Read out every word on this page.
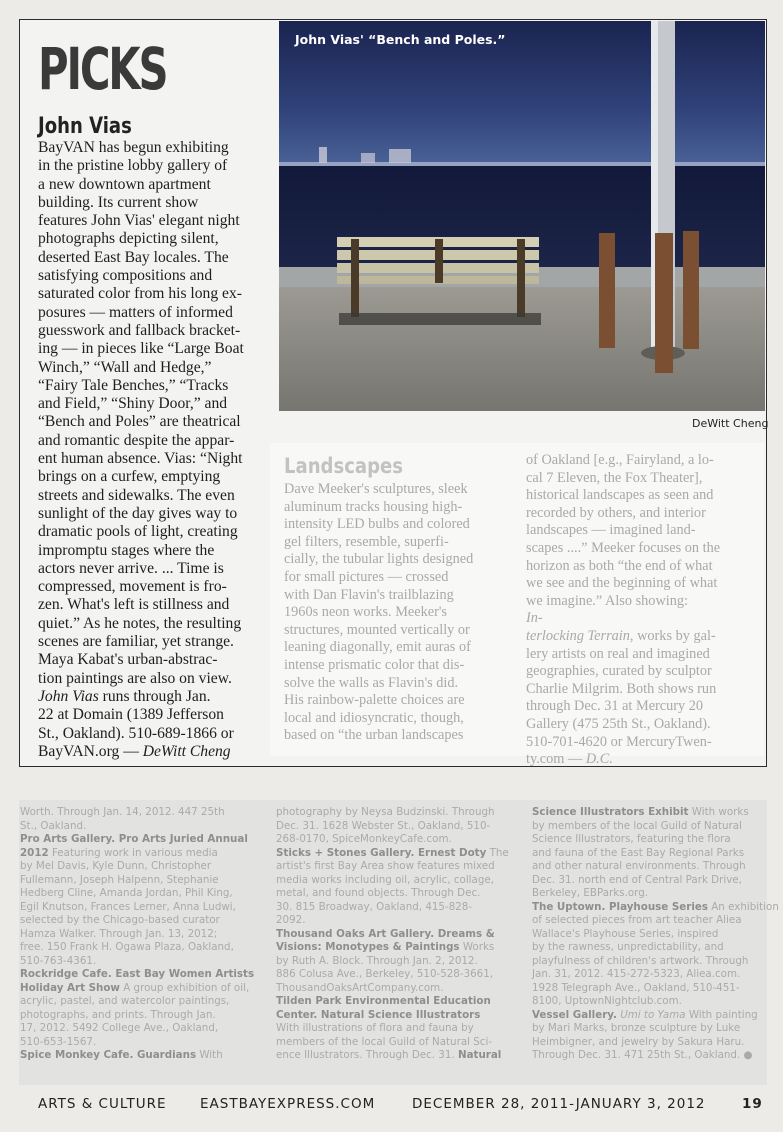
PICKS
John Vias
BayVAN has begun exhibiting
in the pristine lobby gallery of
a new downtown apartment
building. Its current show
features John Vias' elegant night
photographs depicting silent,
deserted East Bay locales. The
satisfying compositions and
saturated color from his long ex-
posures — matters of informed
guesswork and fallback bracket-
ing — in pieces like “Large Boat
Winch,” “Wall and Hedge,”
“Fairy Tale Benches,” “Tracks
and Field,” “Shiny Door,” and
“Bench and Poles” are theatrical
and romantic despite the appar-
ent human absence. Vias: “Night
brings on a curfew, emptying
streets and sidewalks. The even
sunlight of the day gives way to
dramatic pools of light, creating
impromptu stages where the
actors never arrive. ... Time is
compressed, movement is fro-
zen. What's left is stillness and
quiet.” As he notes, the resulting
scenes are familiar, yet strange.
Maya Kabat's urban-abstrac-
tion paintings are also on view.
John Vias runs through Jan.
22 at Domain (1389 Jefferson
St., Oakland). 510-689-1866 or
BayVAN.org — DeWitt Cheng
John Vias' “Bench and Poles.”
DeWitt Cheng
Landscapes
Dave Meeker's sculptures, sleek
aluminum tracks housing high-
intensity LED bulbs and colored
gel filters, resemble, superfi-
cially, the tubular lights designed
for small pictures — crossed
with Dan Flavin's trailblazing
1960s neon works. Meeker's
structures, mounted vertically or
leaning diagonally, emit auras of
intense prismatic color that dis-
solve the walls as Flavin's did.
His rainbow-palette choices are
local and idiosyncratic, though,
based on “the urban landscapes
of Oakland [e.g., Fairyland, a lo-
cal 7 Eleven, the Fox Theater],
historical landscapes as seen and
recorded by others, and interior
landscapes — imagined land-
scapes ....” Meeker focuses on the
horizon as both “the end of what
we see and the beginning of what
we imagine.” Also showing:
In-
terlocking Terrain, works by gal-
lery artists on real and imagined
geographies, curated by sculptor
Charlie Milgrim. Both shows run
through Dec. 31 at Mercury 20
Gallery (475 25th St., Oakland).
510-701-4620 or MercuryTwen-
ty.com — D.C.
Worth. Through Jan. 14, 2012. 447 25th
St., Oakland.
Pro Arts Gallery. Pro Arts Juried Annual
2012 Featuring work in various media
by Mel Davis, Kyle Dunn, Christopher
Fullemann, Joseph Halpenn, Stephanie
Hedberg Cline, Amanda Jordan, Phil King,
Egil Knutson, Frances Lerner, Anna Ludwi,
selected by the Chicago-based curator
Hamza Walker. Through Jan. 13, 2012;
free. 150 Frank H. Ogawa Plaza, Oakland,
510-763-4361.
Rockridge Cafe. East Bay Women Artists
Holiday Art Show A group exhibition of oil,
acrylic, pastel, and watercolor paintings,
photographs, and prints. Through Jan.
17, 2012. 5492 College Ave., Oakland,
510-653-1567.
Spice Monkey Cafe. Guardians With
photography by Neysa Budzinski. Through
Dec. 31. 1628 Webster St., Oakland, 510-
268-0170, SpiceMonkeyCafe.com.
Sticks + Stones Gallery. Ernest Doty The
artist's first Bay Area show features mixed
media works including oil, acrylic, collage,
metal, and found objects. Through Dec.
30. 815 Broadway, Oakland, 415-828-
2092.
Thousand Oaks Art Gallery. Dreams &
Visions: Monotypes & Paintings Works
by Ruth A. Block. Through Jan. 2, 2012.
886 Colusa Ave., Berkeley, 510-528-3661,
ThousandOaksArtCompany.com.
Tilden Park Environmental Education
Center. Natural Science Illustrators
With illustrations of flora and fauna by
members of the local Guild of Natural Sci-
ence Illustrators. Through Dec. 31. Natural
Science Illustrators Exhibit With works
by members of the local Guild of Natural
Science Illustrators, featuring the flora
and fauna of the East Bay Regional Parks
and other natural environments. Through
Dec. 31. north end of Central Park Drive,
Berkeley, EBParks.org.
The Uptown. Playhouse Series An exhibition
of selected pieces from art teacher Aliea
Wallace's Playhouse Series, inspired
by the rawness, unpredictability, and
playfulness of children's artwork. Through
Jan. 31, 2012. 415-272-5323, Aliea.com.
1928 Telegraph Ave., Oakland, 510-451-
8100, UptownNightclub.com.
Vessel Gallery. Umi to Yama With painting
by Mari Marks, bronze sculpture by Luke
Heimbigner, and jewelry by Sakura Haru.
Through Dec. 31. 471 25th St., Oakland. ●
ARTS & CULTURE EASTBAYEXPRESS.COM	DECEMBER 28, 2011-JANUARY 3, 2012	19
